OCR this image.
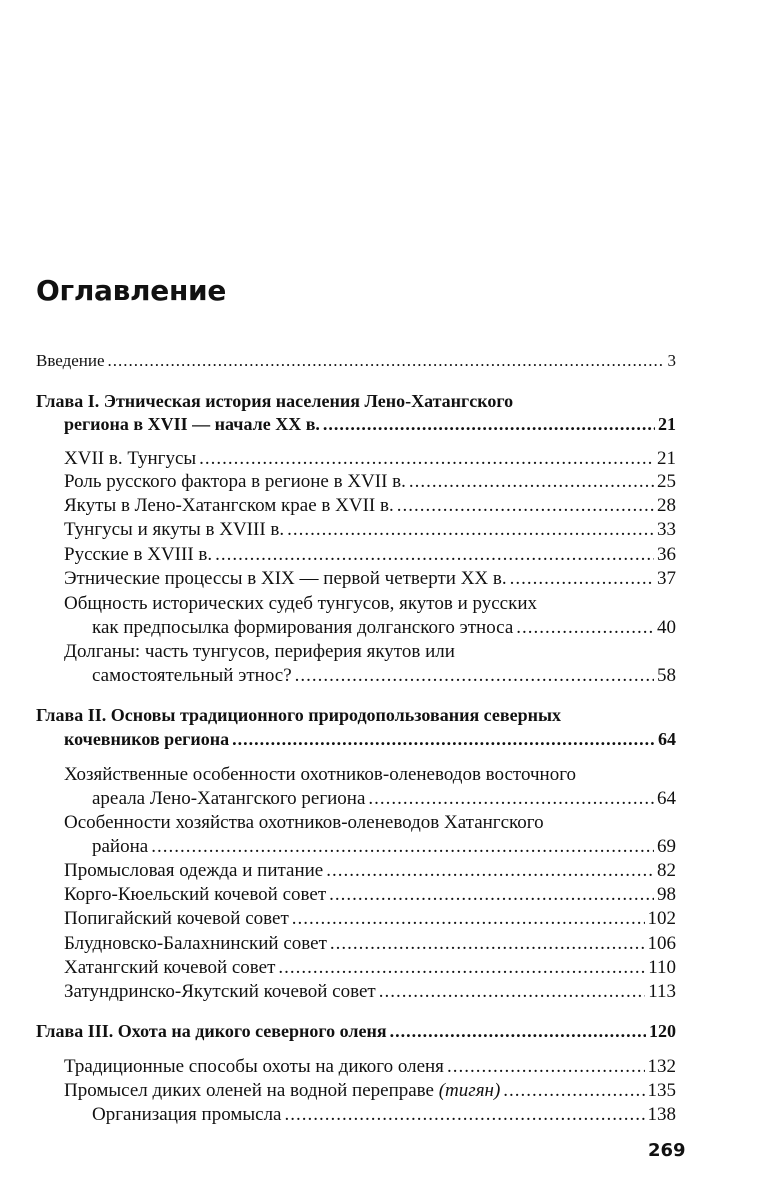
Оглавление
Введение .....	3
Глава I. Этническая история населения Лено-Хатангского
региона в XVII — начале XX в. .....	21
XVII в. Тунгусы .....	21
Роль русского фактора в регионе в XVII в. .....	25
Якуты в Лено-Хатангском крае в XVII в. .....	28
Тунгусы и якуты в XVIII в. .....	33
Русские в XVIII в. .....	36
Этнические процессы в XIX — первой четверти XX в. .....	37
Общность исторических судеб тунгусов, якутов и русских
как предпосылка формирования долганского этноса .....	40
Долганы: часть тунгусов, периферия якутов или
самостоятельный этнос? .....	58
Глава II. Основы традиционного природопользования северных
кочевников региона .....	64
Хозяйственные особенности охотников-оленеводов восточного
ареала Лено-Хатангского региона .....	64
Особенности хозяйства охотников-оленеводов Хатангского
района .....	69
Промысловая одежда и питание .....	82
Корго-Кюельский кочевой совет .....	98
Попигайский кочевой совет .....	102
Блудновско-Балахнинский совет .....	106
Хатангский кочевой совет .....	110
Затундринско-Якутский кочевой совет .....	113
Глава III. Охота на дикого северного оленя .....	120
Традиционные способы охоты на дикого оленя .....	132
Промысел диких оленей на водной переправе (тигян) .....	135
Организация промысла .....	138
269
